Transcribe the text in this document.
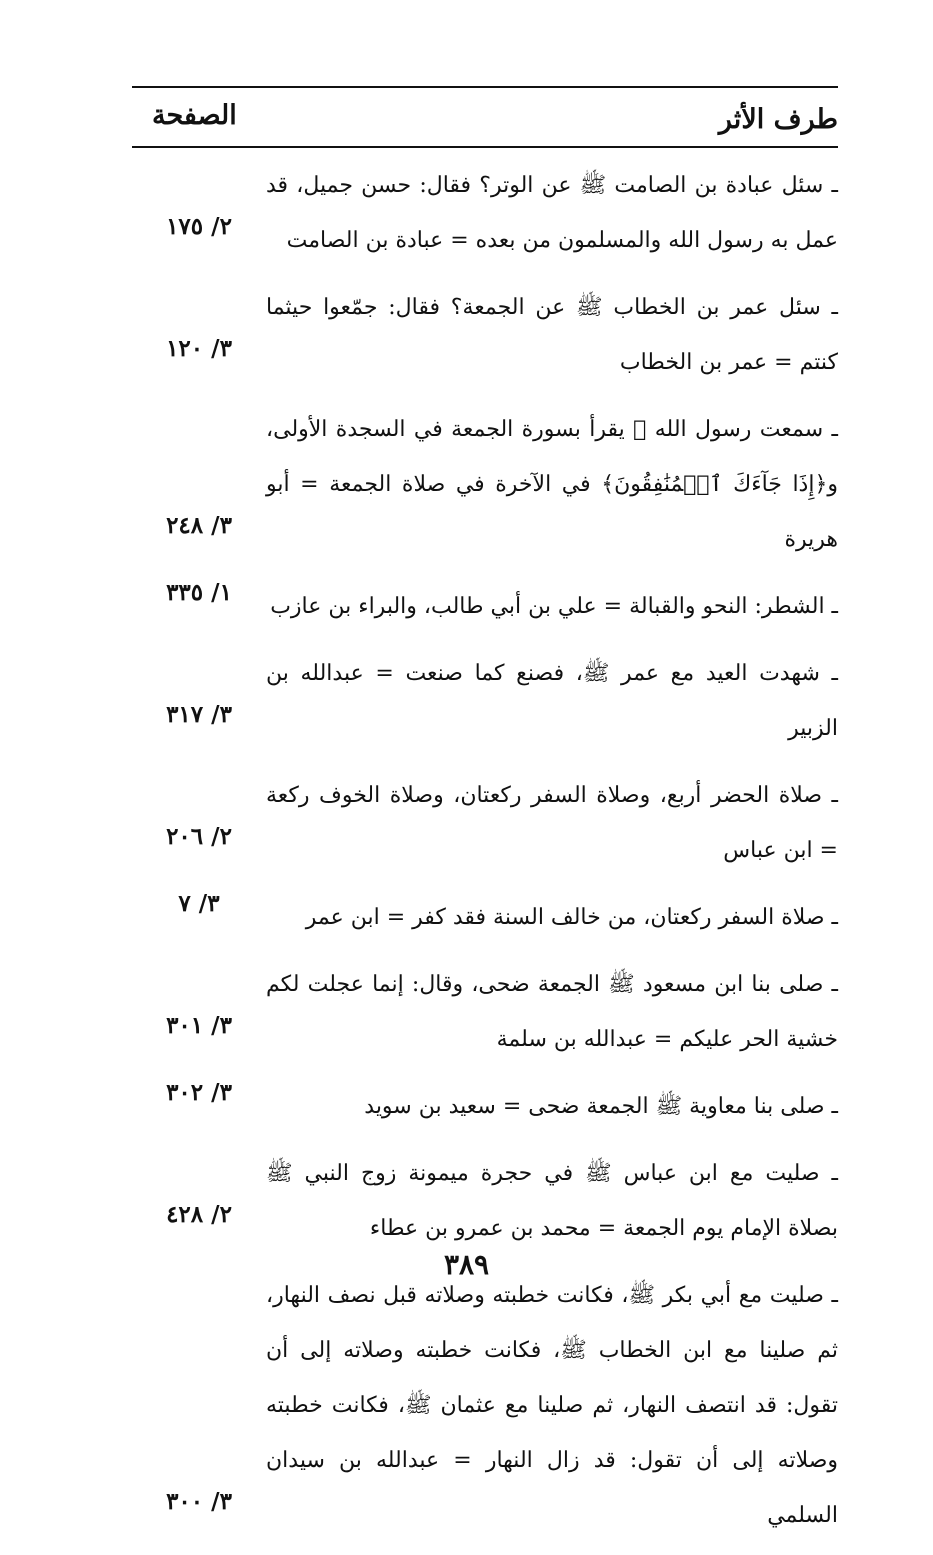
طرف الأثر
الصفحة
ـ سئل عبادة بن الصامت ﷺ عن الوتر؟ فقال: حسن جميل، قد عمل به رسول الله والمسلمون من بعده = عبادة بن الصامت
٢/ ١٧٥
ـ سئل عمر بن الخطاب ﷺ عن الجمعة؟ فقال: جمّعوا حيثما كنتم = عمر بن الخطاب
٣/ ١٢٠
ـ سمعت رسول الله ﷺ يقرأ بسورة الجمعة في السجدة الأولى، و﴿إِذَا جَآءَكَ ٱلۡمُنَٰفِقُونَ﴾ في الآخرة في صلاة الجمعة = أبو هريرة
٣/ ٢٤٨
ـ الشطر: النحو والقبالة = علي بن أبي طالب، والبراء بن عازب
١/ ٣٣٥
ـ شهدت العيد مع عمر ﷺ، فصنع كما صنعت = عبدالله بن الزبير
٣/ ٣١٧
ـ صلاة الحضر أربع، وصلاة السفر ركعتان، وصلاة الخوف ركعة = ابن عباس
٢/ ٢٠٦
ـ صلاة السفر ركعتان، من خالف السنة فقد كفر = ابن عمر
٣/ ٧
ـ صلى بنا ابن مسعود ﷺ الجمعة ضحى، وقال: إنما عجلت لكم خشية الحر عليكم = عبدالله بن سلمة
٣/ ٣٠١
ـ صلى بنا معاوية ﷺ الجمعة ضحى = سعيد بن سويد
٣/ ٣٠٢
ـ صليت مع ابن عباس ﷺ في حجرة ميمونة زوج النبي ﷺ بصلاة الإمام يوم الجمعة = محمد بن عمرو بن عطاء
٢/ ٤٢٨
ـ صليت مع أبي بكر ﷺ، فكانت خطبته وصلاته قبل نصف النهار، ثم صلينا مع ابن الخطاب ﷺ، فكانت خطبته وصلاته إلى أن تقول: قد انتصف النهار، ثم صلينا مع عثمان ﷺ، فكانت خطبته وصلاته إلى أن تقول: قد زال النهار = عبدالله بن سيدان السلمي
٣/ ٣٠٠
٣٨٩
